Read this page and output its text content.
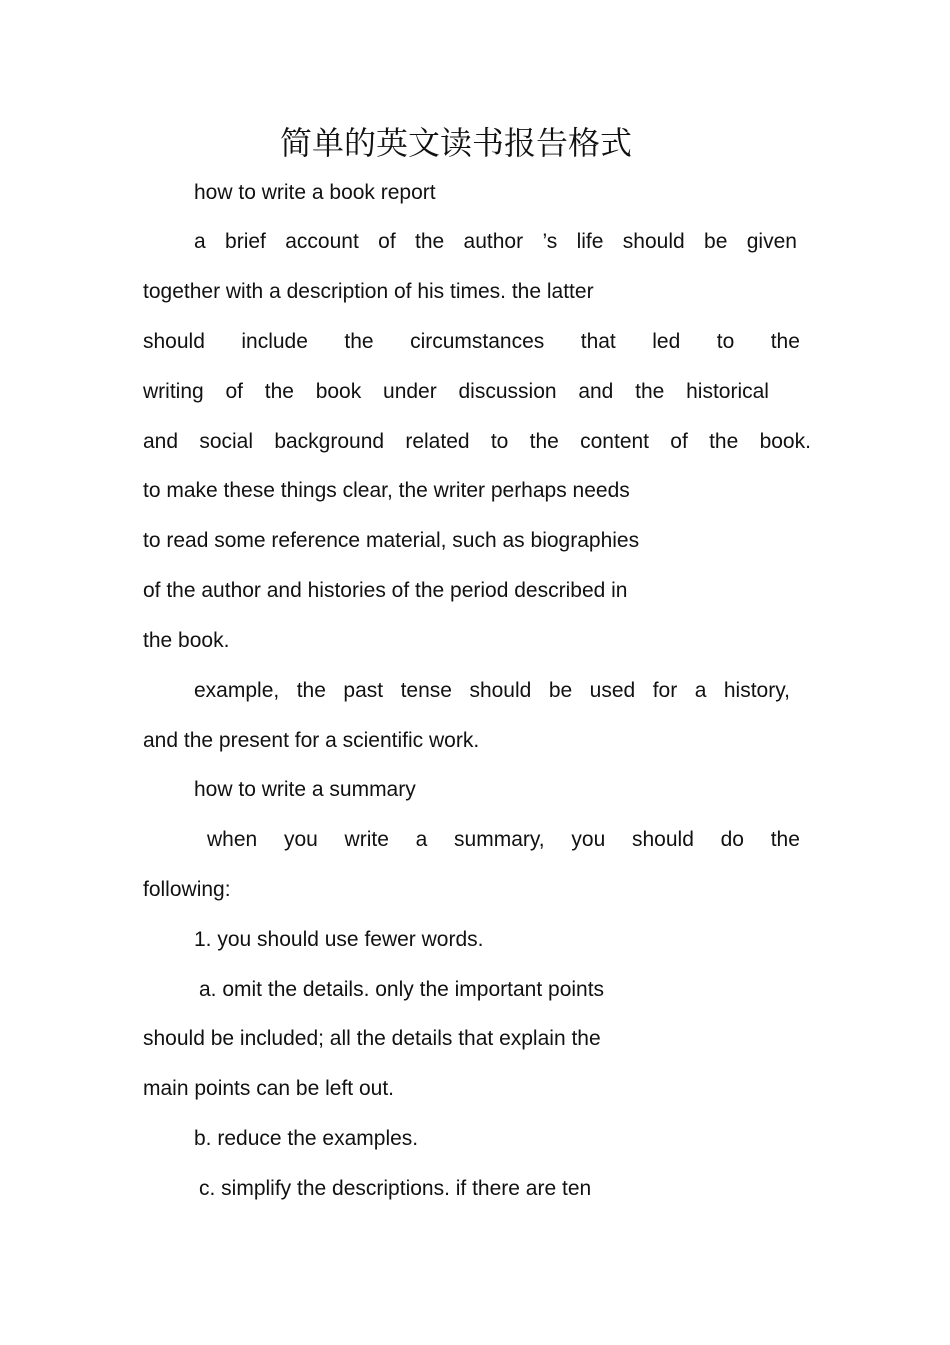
简单的英文读书报告格式
how to write a book report
a brief account of the author ’s life should be given
together with a description of his times. the latter
should include the circumstances that led to the
writing of the book under discussion and the historical
and social background related to the content of the book.
to make these things clear, the writer perhaps needs
to read some reference material, such as biographies
of the author and histories of the period described in
the book.
example, the past tense should be used for a history,
and the present for a scientific work.
how to write a summary
when you write a summary, you should do the
following:
1. you should use fewer words.
a. omit the details. only the important points
should be included; all the details that explain the
main points can be left out.
b. reduce the examples.
c. simplify the descriptions. if there are ten
